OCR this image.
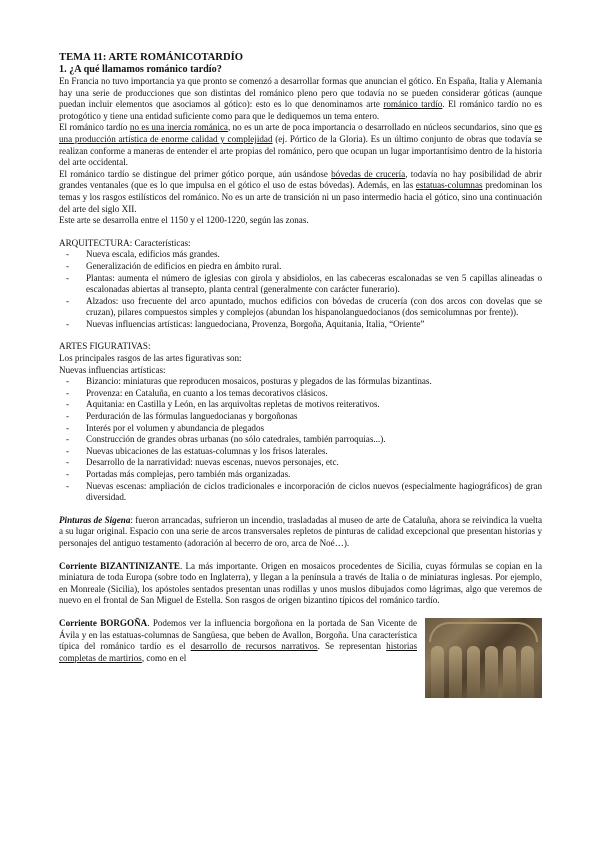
TEMA 11: ARTE ROMÁNICOTARDÍO

1. ¿A qué llamamos románico tardío?

En Francia no tuvo importancia ya que pronto se comenzó a desarrollar formas que anuncian el gótico. En España, Italia y Alemania hay una serie de producciones que son distintas del románico pleno pero que todavía no se pueden considerar góticas (aunque puedan incluir elementos que asociamos al gótico): esto es lo que denominamos arte románico tardío. El románico tardío no es protogótico y tiene una entidad suficiente como para que le dediquemos un tema entero.

El románico tardío no es una inercia románica, no es un arte de poca importancia o desarrollado en núcleos secundarios, sino que es una producción artística de enorme calidad y complejidad (ej. Pórtico de la Gloria). Es un último conjunto de obras que todavía se realizan conforme a maneras de entender el arte propias del románico, pero que ocupan un lugar importantísimo dentro de la historia del arte occidental.

El románico tardío se distingue del primer gótico porque, aún usándose bóvedas de crucería, todavía no hay posibilidad de abrir grandes ventanales (que es lo que impulsa en el gótico el uso de estas bóvedas). Además, en las estatuas-columnas predominan los temas y los rasgos estilísticos del románico. No es un arte de transición ni un paso intermedio hacia el gótico, sino una continuación del arte del siglo XII.

Este arte se desarrolla entre el 1150 y el 1200-1220, según las zonas.

ARQUITECTURA: Características:

- Nueva escala, edificios más grandes.
- Generalización de edificios en piedra en ámbito rural.
- Plantas: aumenta el número de iglesias con girola y absidiolos, en las cabeceras escalonadas se ven 5 capillas alineadas o escalonadas abiertas al transepto, planta central (generalmente con carácter funerario).
- Alzados: uso frecuente del arco apuntado, muchos edificios con bóvedas de crucería (con dos arcos con dovelas que se cruzan), pilares compuestos simples y complejos (abundan los hispanolanguedocianos (dos semicolumnas por frente)).
- Nuevas influencias artísticas: languedociana, Provenza, Borgoña, Aquitania, Italia, “Oriente”

ARTES FIGURATIVAS:

Los principales rasgos de las artes figurativas son:

Nuevas influencias artísticas:

- Bizancio: miniaturas que reproducen mosaicos, posturas y plegados de las fórmulas bizantinas.
- Provenza: en Cataluña, en cuanto a los temas decorativos clásicos.
- Aquitania: en Castilla y León, en las arquivoltas repletas de motivos reiterativos.
- Perduración de las fórmulas languedocianas y borgoñonas
- Interés por el volumen y abundancia de plegados
- Construcción de grandes obras urbanas (no sólo catedrales, también parroquias...).
- Nuevas ubicaciones de las estatuas-columnas y los frisos laterales.
- Desarrollo de la narratividad: nuevas escenas, nuevos personajes, etc.
- Portadas más complejas, pero también más organizadas.
- Nuevas escenas: ampliación de ciclos tradicionales e incorporación de ciclos nuevos (especialmente hagiográficos) de gran diversidad.

Pinturas de Sigena: fueron arrancadas, sufrieron un incendio, trasladadas al museo de arte de Cataluña, ahora se reivindica la vuelta a su lugar original. Espacio con una serie de arcos transversales repletos de pinturas de calidad excepcional que presentan historias y personajes del antiguo testamento (adoración al becerro de oro, arca de Noé…).

Corriente BIZANTINIZANTE. La más importante. Origen en mosaicos procedentes de Sicilia, cuyas fórmulas se copian en la miniatura de toda Europa (sobre todo en Inglaterra), y llegan a la península a través de Italia o de miniaturas inglesas. Por ejemplo, en Monreale (Sicilia), los apóstoles sentados presentan unas rodillas y unos muslos dibujados como lágrimas, algo que veremos de nuevo en el frontal de San Miguel de Estella. Son rasgos de origen bizantino típicos del románico tardío.

Corriente BORGOÑA. Podemos ver la influencia borgoñona en la portada de San Vicente de Ávila y en las estatuas-columnas de Sangüesa, que beben de Avallon, Borgoña. Una característica típica del románico tardío es el desarrollo de recursos narrativos. Se representan historias completas de martirios, como en el
